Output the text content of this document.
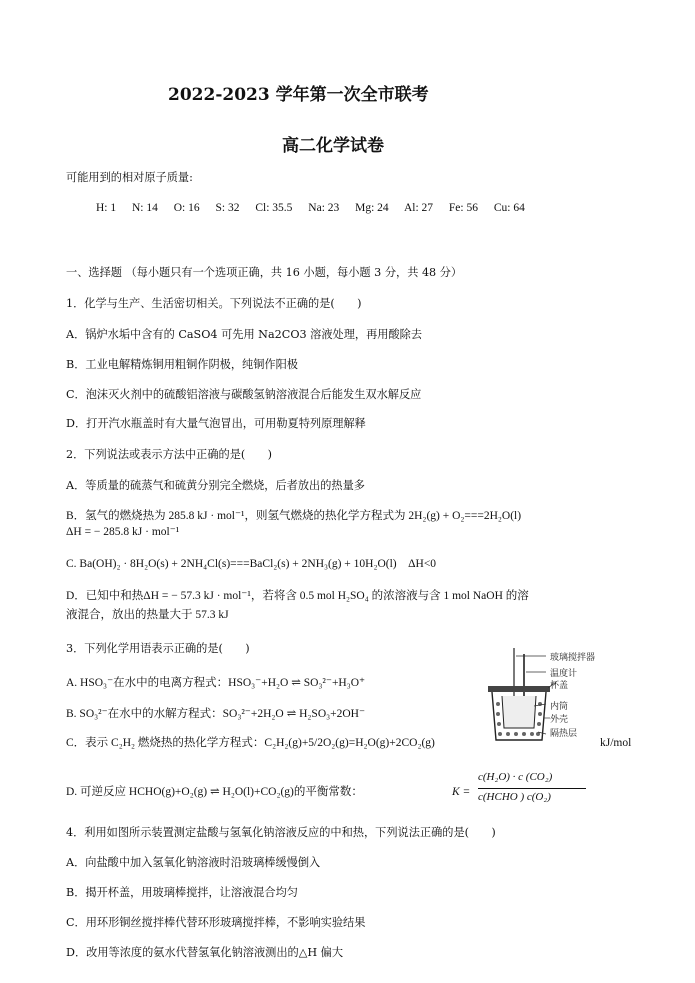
2022-2023 学年第一次全市联考
高二化学试卷
可能用到的相对原子质量:
H: 1 N: 14 O: 16 S: 32 Cl: 35.5 Na: 23 Mg: 24 Al: 27 Fe: 56 Cu: 64
一、选择题 （每小题只有一个选项正确，共 16 小题，每小题 3 分，共 48 分）
1．化学与生产、生活密切相关。下列说法不正确的是(　　)
A．锅炉水垢中含有的 CaSO4 可先用 Na2CO3 溶液处理，再用酸除去
B．工业电解精炼铜用粗铜作阴极，纯铜作阳极
C．泡沫灭火剂中的硫酸铝溶液与碳酸氢钠溶液混合后能发生双水解反应
D．打开汽水瓶盖时有大量气泡冒出，可用勒夏特列原理解释
2．下列说法或表示方法中正确的是(　　)
A．等质量的硫蒸气和硫黄分别完全燃烧，后者放出的热量多
B．氢气的燃烧热为 285.8 kJ · mol⁻¹，则氢气燃烧的热化学方程式为 2H₂(g) + O₂===2H₂O(l)
ΔH = − 285.8 kJ · mol⁻¹
C. Ba(OH)₂ · 8H₂O(s) + 2NH₄Cl(s)===BaCl₂(s) + 2NH₃(g) + 10H₂O(l)　ΔH<0
D．已知中和热ΔH = − 57.3 kJ · mol⁻¹，若将含 0.5 mol H₂SO₄ 的浓溶液与含 1 mol NaOH 的溶
液混合，放出的热量大于 57.3 kJ
3．下列化学用语表示正确的是(　　)
A. HSO₃⁻在水中的电离方程式：HSO₃⁻+H₂O ⇌ SO₃²⁻+H₃O⁺
B. SO₃²⁻在水中的水解方程式：SO₃²⁻+2H₂O ⇌ H₂SO₃+2OH⁻
C．表示 C₂H₂ 燃烧热的热化学方程式：C₂H₂(g)+5/2O₂(g)=H₂O(g)+2CO₂(g)	kJ/mol
D. 可逆反应 HCHO(g)+O₂(g) ⇌ H₂O(l)+CO₂(g)的平衡常数：	K =
c(H₂O) · c (CO₂)
c(HCHO ) c(O₂)
玻璃搅拌器
温度计
杯盖
内筒
外壳
隔热层
4．利用如图所示装置测定盐酸与氢氧化钠溶液反应的中和热，下列说法正确的是(　　)
A．向盐酸中加入氢氧化钠溶液时沿玻璃棒缓慢倒入
B．揭开杯盖，用玻璃棒搅拌，让溶液混合均匀
C．用环形铜丝搅拌棒代替环形玻璃搅拌棒，不影响实验结果
D．改用等浓度的氨水代替氢氧化钠溶液测出的△H 偏大
